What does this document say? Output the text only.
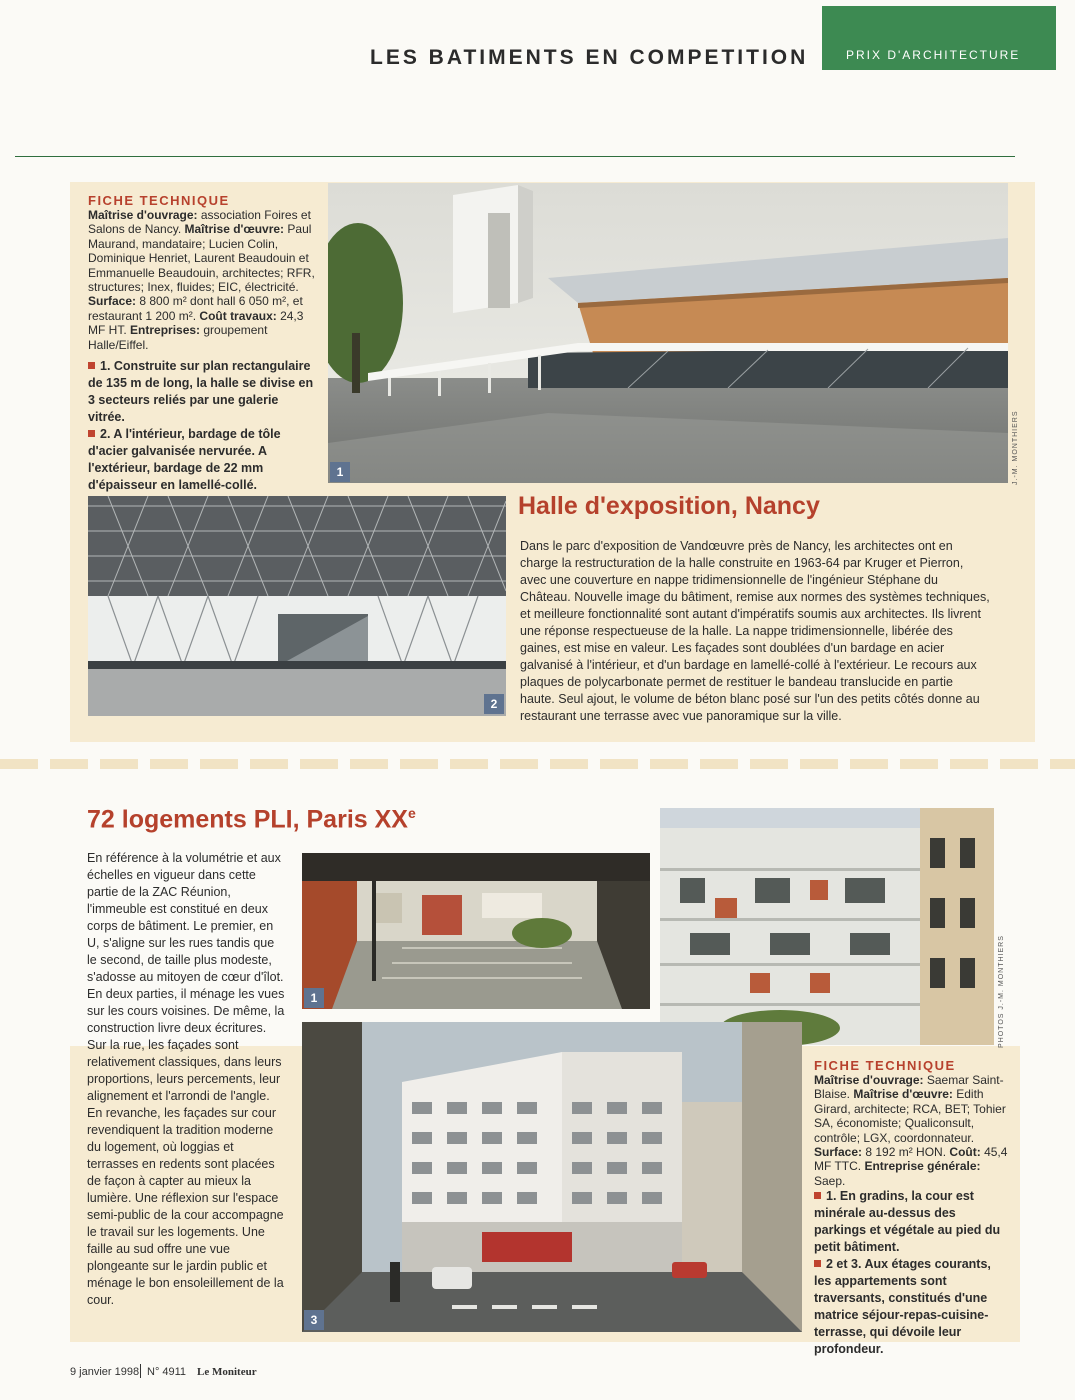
LES BATIMENTS EN COMPETITION	PRIX D'ARCHITECTURE
FICHE TECHNIQUE
Maîtrise d'ouvrage: association Foires et Salons de Nancy. Maîtrise d'œuvre: Paul Maurand, mandataire; Lucien Colin, Dominique Henriet, Laurent Beaudouin et Emmanuelle Beaudouin, architectes; RFR, structures; Inex, fluides; EIC, électricité. Surface: 8 800 m² dont hall 6 050 m², et restaurant 1 200 m². Coût travaux: 24,3 MF HT. Entreprises: groupement Halle/Eiffel.
1. Construite sur plan rectangulaire de 135 m de long, la halle se divise en 3 secteurs reliés par une galerie vitrée.
2. A l'intérieur, bardage de tôle d'acier galvanisée nervurée. A l'extérieur, bardage de 22 mm d'épaisseur en lamellé-collé.
1	J.-M. MONTHIERS
2
Halle d'exposition, Nancy
Dans le parc d'exposition de Vandœuvre près de Nancy, les architectes ont en charge la restructuration de la halle construite en 1963-64 par Kruger et Pierron, avec une couverture en nappe tridimensionnelle de l'ingénieur Stéphane du Château. Nouvelle image du bâtiment, remise aux normes des systèmes techniques, et meilleure fonctionnalité sont autant d'impératifs soumis aux architectes. Ils livrent une réponse respectueuse de la halle. La nappe tridimensionnelle, libérée des gaines, est mise en valeur. Les façades sont doublées d'un bardage en acier galvanisé à l'intérieur, et d'un bardage en lamellé-collé à l'extérieur. Le recours aux plaques de polycarbonate permet de restituer le bandeau translucide en partie haute. Seul ajout, le volume de béton blanc posé sur l'un des petits côtés donne au restaurant une terrasse avec vue panoramique sur la ville.
72 logements PLI, Paris XXe
En référence à la volumétrie et aux échelles en vigueur dans cette partie de la ZAC Réunion, l'immeuble est constitué en deux corps de bâtiment. Le premier, en U, s'aligne sur les rues tandis que le second, de taille plus modeste, s'adosse au mitoyen de cœur d'îlot. En deux parties, il ménage les vues sur les cours voisines. De même, la construction livre deux écritures. Sur la rue, les façades sont relativement classiques, dans leurs proportions, leurs percements, leur alignement et l'arrondi de l'angle. En revanche, les façades sur cour revendiquent la tradition moderne du logement, où loggias et terrasses en redents sont placées de façon à capter au mieux la lumière. Une réflexion sur l'espace semi-public de la cour accompagne le travail sur les logements. Une faille au sud offre une vue plongeante sur le jardin public et ménage le bon ensoleillement de la cour.
1	PHOTOS J.-M. MONTHIERS
3
FICHE TECHNIQUE
Maîtrise d'ouvrage: Saemar Saint-Blaise. Maîtrise d'œuvre: Edith Girard, architecte; RCA, BET; Tohier SA, économiste; Qualiconsult, contrôle; LGX, coordonnateur. Surface: 8 192 m² HON. Coût: 45,4 MF TTC. Entreprise générale: Saep.
1. En gradins, la cour est minérale au-dessus des parkings et végétale au pied du petit bâtiment.
2 et 3. Aux étages courants, les appartements sont traversants, constitués d'une matrice séjour-repas-cuisine-terrasse, qui dévoile leur profondeur.
9 janvier 1998 N° 4911 Le Moniteur
